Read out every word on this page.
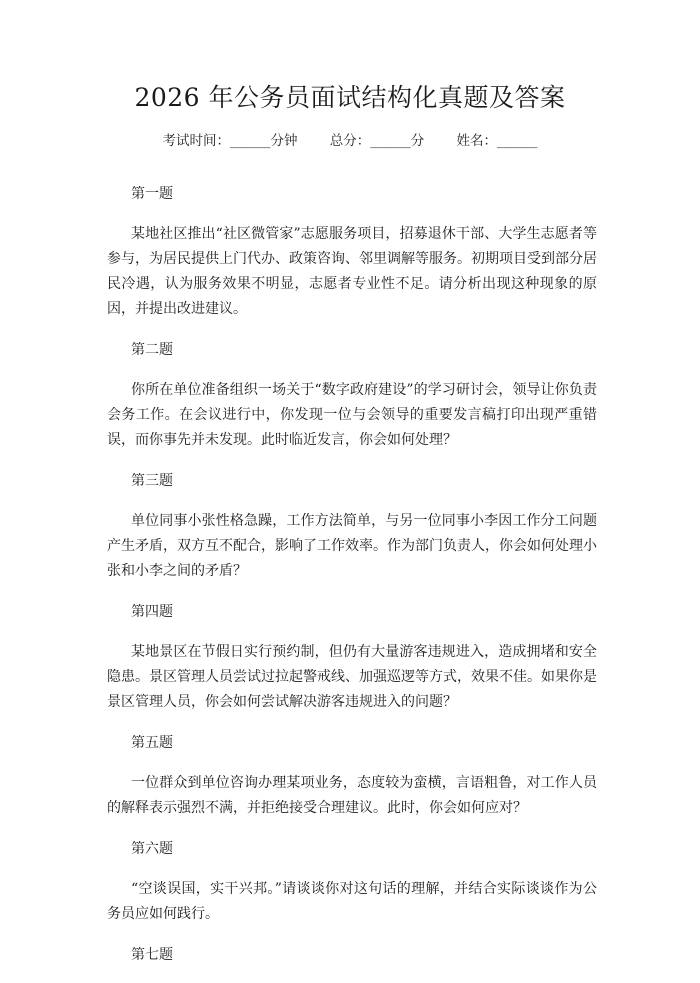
2026 年公务员面试结构化真题及答案
考试时间：______分钟 总分：______分 姓名：______
第一题
某地社区推出“社区微管家”志愿服务项目，招募退休干部、大学生志愿者等参与，为居民提供上门代办、政策咨询、邻里调解等服务。初期项目受到部分居民冷遇，认为服务效果不明显，志愿者专业性不足。请分析出现这种现象的原因，并提出改进建议。
第二题
你所在单位准备组织一场关于“数字政府建设”的学习研讨会，领导让你负责会务工作。在会议进行中，你发现一位与会领导的重要发言稿打印出现严重错误，而你事先并未发现。此时临近发言，你会如何处理？
第三题
单位同事小张性格急躁，工作方法简单，与另一位同事小李因工作分工问题产生矛盾，双方互不配合，影响了工作效率。作为部门负责人，你会如何处理小张和小李之间的矛盾？
第四题
某地景区在节假日实行预约制，但仍有大量游客违规进入，造成拥堵和安全隐患。景区管理人员尝试过拉起警戒线、加强巡逻等方式，效果不佳。如果你是景区管理人员，你会如何尝试解决游客违规进入的问题？
第五题
一位群众到单位咨询办理某项业务，态度较为蛮横，言语粗鲁，对工作人员的解释表示强烈不满，并拒绝接受合理建议。此时，你会如何应对？
第六题
“空谈误国，实干兴邦。”请谈谈你对这句话的理解，并结合实际谈谈作为公务员应如何践行。
第七题
